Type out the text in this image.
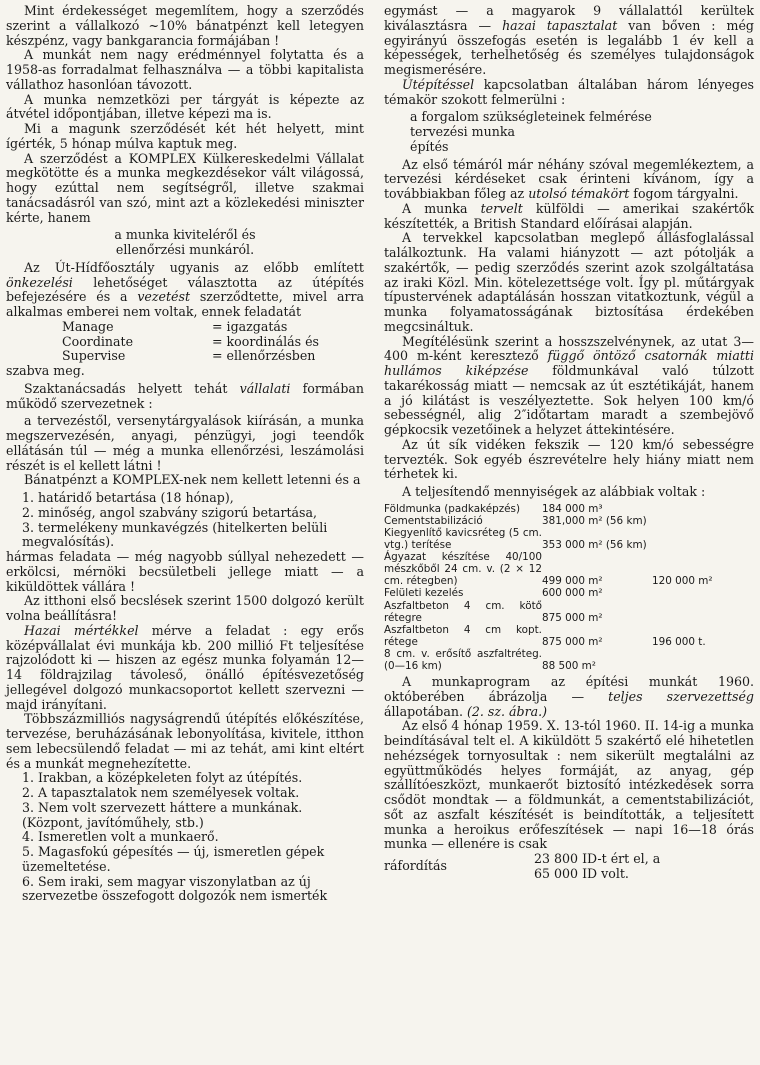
Mint érdekességet megemlítem, hogy a szerződés szerint a vállalkozó ~10% bánatpénzt kell letegyen készpénz, vagy bankgarancia formájában !

A munkát nem nagy erédménnyel folytatta és a 1958-as forradalmat felhasználva — a többi kapitalista vállathoz hasonlóan távozott.

A munka nemzetközi per tárgyát is képezte az átvétel időpontjában, illetve képezi ma is.

Mi a magunk szerződését két hét helyett, mint ígérték, 5 hónap múlva kaptuk meg.

A szerződést a KOMPLEX Külkereskedelmi Vállalat megkötötte és a munka megkezdésekor vált világossá, hogy ezúttal nem segítségről, illetve szakmai tanácsadásról van szó, mint azt a közlekedési miniszter kérte, hanem

a munka kiviteléről és

ellenőrzési munkáról.

Az Út-Hídfőosztály ugyanis az előbb említett önkezelési lehetőséget választotta az útépítés befejezésére és a vezetést szerződtette, mivel arra alkalmas emberei nem voltak, ennek feladatát

Manage	= igazgatás
Coordinate	= koordinálás és
Supervise	= ellenőrzésben

szabva meg.

Szaktanácsadás helyett tehát vállalati formában működő szervezetnek :

a tervezéstől, versenytárgyalások kiírásán, a munka megszervezésén, anyagi, pénzügyi, jogi teendők ellátásán túl — még a munka ellenőrzési, leszámolási részét is el kellett látni !

Bánatpénzt a KOMPLEX-nek nem kellett letenni és a

1. határidő betartása (18 hónap),

2. minőség, angol szabvány szigorú betartása,

3. termelékeny munkavégzés (hitelkerten belüli megvalósítás).

hármas feladata — még nagyobb súllyal nehezedett — erkölcsi, mérnöki becsületbeli jellege miatt — a kiküldöttek vállára !

Az itthoni első becslések szerint 1500 dolgozó került volna beállításra!

Hazai mértékkel mérve a feladat : egy erős középvállalat évi munkája kb. 200 millió Ft teljesítése rajzolódott ki — hiszen az egész munka folyamán 12—14 földrajzilag távoleső, önálló építésvezetőség jellegével dolgozó munkacsoportot kellett szervezni — majd irányítani.

Többszázmilliós nagyságrendű útépítés előkészítése, tervezése, beruházásának lebonyolítása, kivitele, itthon sem lebecsülendő feladat — mi az tehát, ami kint eltért és a munkát megnehezítette.

1. Irakban, a középkeleten folyt az útépítés.

2. A tapasztalatok nem személyesek voltak.

3. Nem volt szervezett háttere a munkának. (Központ, javítóműhely, stb.)

4. Ismeretlen volt a munkaerő.

5. Magasfokú gépesítés — új, ismeretlen gépek üzemeltetése.

6. Sem iraki, sem magyar viszonylatban az új szervezetbe összefogott dolgozók nem ismerték

egymást — a magyarok 9 vállalattól kerültek kiválasztásra — hazai tapasztalat van bőven : még egyirányú összefogás esetén is legalább 1 év kell a képességek, terhelhetőség és személyes tulajdonságok megismerésére.

Útépítéssel kapcsolatban általában három lényeges témakör szokott felmerülni :

a forgalom szükségleteinek felmérése

tervezési munka

építés

Az első témáról már néhány szóval megemlékeztem, a tervezési kérdéseket csak érinteni kívánom, így a továbbiakban főleg az utolsó témakört fogom tárgyalni.

A munka tervelt külföldi — amerikai szakértők készítették, a British Standard előírásai alapján.

A tervekkel kapcsolatban meglepő állásfoglalással találkoztunk. Ha valami hiányzott — azt pótolják a szakértők, — pedig szerződés szerint azok szolgáltatása az iraki Közl. Min. kötelezettsége volt. Így pl. műtárgyak típustervének adaptálásán hosszan vitatkoztunk, végül a munka folyamatosságának biztosítása érdekében megcsináltuk.

Megítélésünk szerint a hosszszelvénynek, az utat 3—400 m-ként keresztező függő öntöző csatornák miatti hullámos kiképzése földmunkával való túlzott takarékosság miatt — nemcsak az út esztétikáját, hanem a jó kilátást is veszélyeztette. Sok helyen 100 km/ó sebességnél, alig 2″időtartam maradt a szembejövő gépkocsik vezetőinek a helyzet áttekintésére.

Az út sík vidéken fekszik — 120 km/ó sebességre tervezték. Sok egyéb észrevételre hely hiány miatt nem térhetek ki.

A teljesítendő mennyiségek az alábbiak voltak :

Földmunka (padkaképzés)	184 000 m³	
Cementstabilizáció	381,000 m² (56 km)	
Kiegyenlítő kavicsréteg (5 cm. vtg.) terítése	353 000 m² (56 km)	
Ágyazat készítése 40/100 mészkőből 24 cm. v. (2 × 12 cm. rétegben)	499 000 m²	120 000 m²
Felületi kezelés	600 000 m²	
Aszfaltbeton 4 cm. kötő rétegre	875 000 m²	
Aszfaltbeton 4 cm kopt. rétege	875 000 m²	196 000 t.
8 cm. v. erősítő aszfaltréteg. (0—16 km)	88 500 m²	

A munkaprogram az építési munkát 1960. októberében ábrázolja — teljes szervezettség állapotában. (2. sz. ábra.)

Az első 4 hónap 1959. X. 13-tól 1960. II. 14-ig a munka beindításával telt el. A kiküldött 5 szakértő elé hihetetlen nehézségek tornyosultak : nem sikerült megtalálni az együttműködés helyes formáját, az anyag, gép szállítóeszközt, munkaerőt biztosító intézkedések sorra csődöt mondtak — a földmunkát, a cementstabilizációt, sőt az aszfalt készítését is beindították, a teljesített munka a heroikus erőfeszítések — napi 16—18 órás munka — ellenére is csak

ráfordítás	23 800 ID-t ért el, a

65 000 ID volt.
